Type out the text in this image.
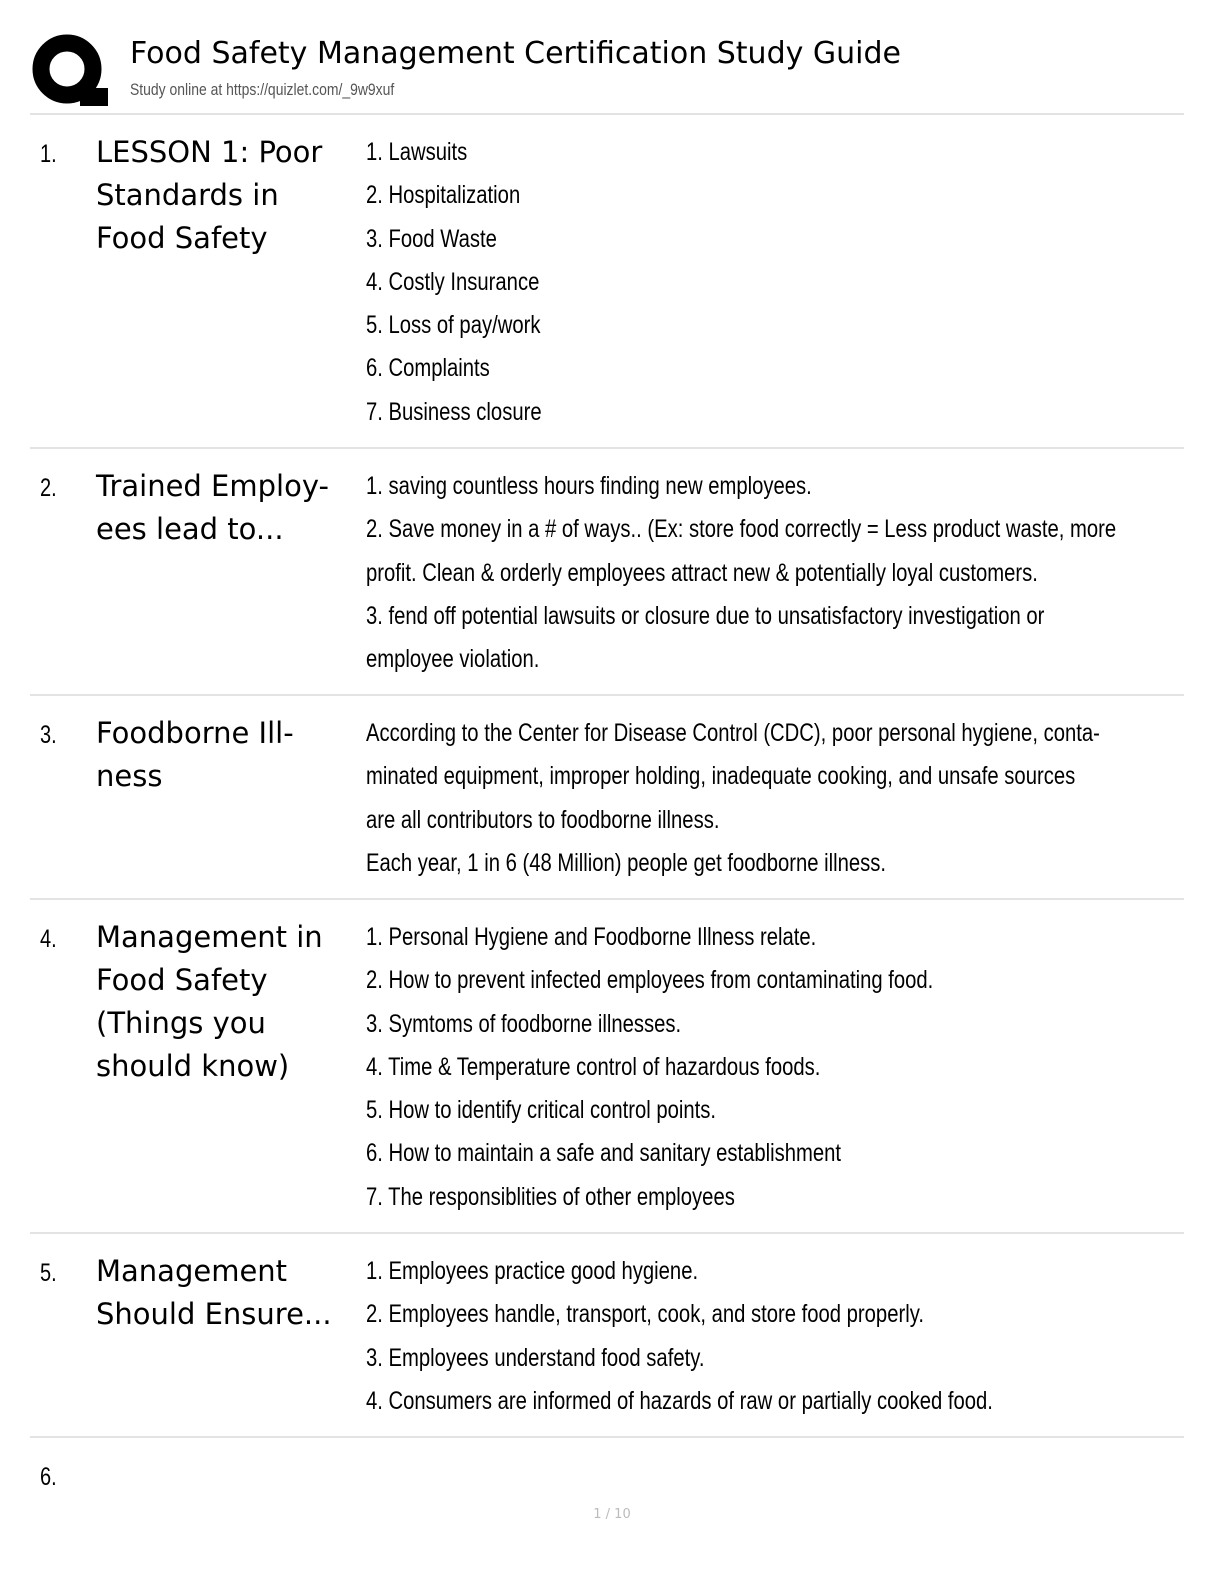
Food Safety Management Certification Study Guide
Study online at https://quizlet.com/_9w9xuf
1. LESSON 1: Poor
Standards in
Food Safety
1. Lawsuits
2. Hospitalization
3. Food Waste
4. Costly Insurance
5. Loss of pay/work
6. Complaints
7. Business closure
2. Trained Employ-
ees lead to...
1. saving countless hours finding new employees.
2. Save money in a # of ways.. (Ex: store food correctly = Less product waste, more
profit. Clean & orderly employees attract new & potentially loyal customers.
3. fend off potential lawsuits or closure due to unsatisfactory investigation or
employee violation.
3. Foodborne Ill-
ness
According to the Center for Disease Control (CDC), poor personal hygiene, conta-
minated equipment, improper holding, inadequate cooking, and unsafe sources
are all contributors to foodborne illness.
Each year, 1 in 6 (48 Million) people get foodborne illness.
4. Management in
Food Safety
(Things you
should know)
1. Personal Hygiene and Foodborne Illness relate.
2. How to prevent infected employees from contaminating food.
3. Symtoms of foodborne illnesses.
4. Time & Temperature control of hazardous foods.
5. How to identify critical control points.
6. How to maintain a safe and sanitary establishment
7. The responsiblities of other employees
5. Management
Should Ensure...
1. Employees practice good hygiene.
2. Employees handle, transport, cook, and store food properly.
3. Employees understand food safety.
4. Consumers are informed of hazards of raw or partially cooked food.
6.
1 / 10
